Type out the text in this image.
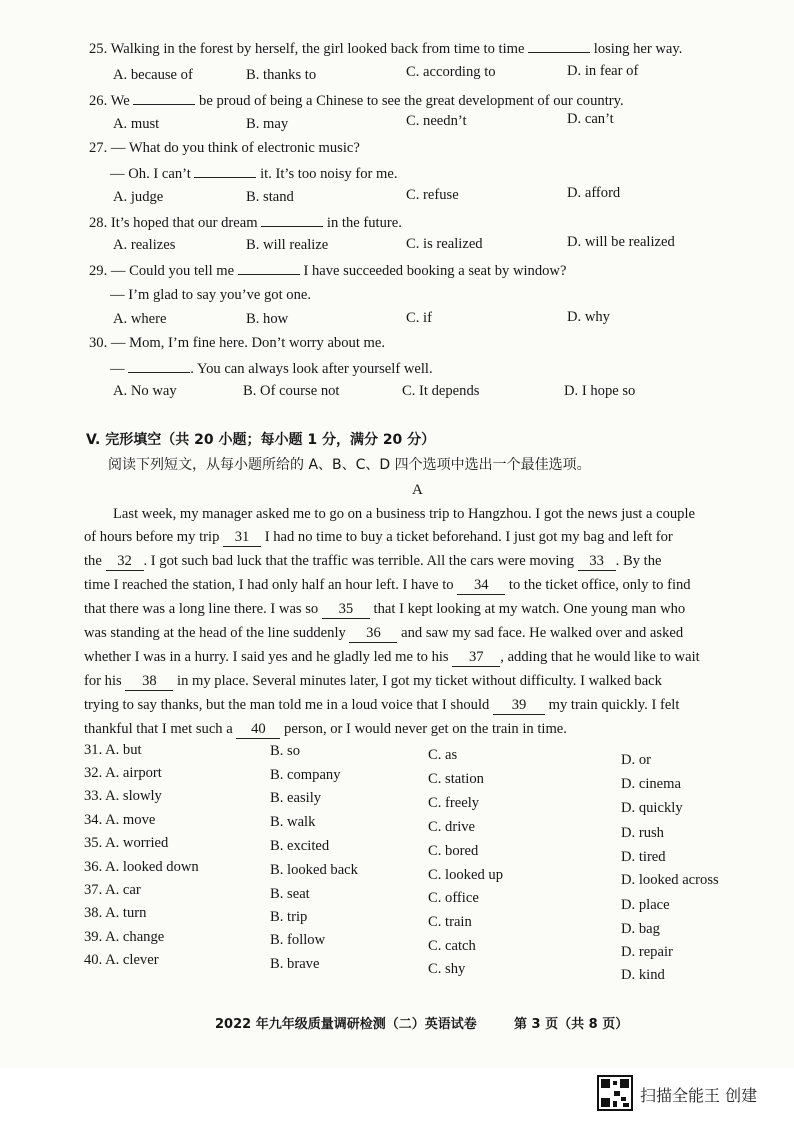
25. Walking in the forest by herself, the girl looked back from time to time	losing her way.
A. because of	B. thanks to	C. according to	D. in fear of
26. We	be proud of being a Chinese to see the great development of our country.
A. must	B. may	C. needn’t	D. can’t
27. — What do you think of electronic music?
— Oh. I can’t	it. It’s too noisy for me.
A. judge	B. stand	C. refuse	D. afford
28. It’s hoped that our dream	in the future.
A. realizes	B. will realize	C. is realized	D. will be realized
29. — Could you tell me	I have succeeded booking a seat by window?
— I’m glad to say you’ve got one.
A. where	B. how	C. if	D. why
30. — Mom, I’m fine here. Don’t worry about me.
—	. You can always look after yourself well.
A. No way	B. Of course not	C. It depends	D. I hope so
V. 完形填空（共 20 小题；每小题 1 分，满分 20 分）
阅读下列短文，从每小题所给的 A、B、C、D 四个选项中选出一个最佳选项。
A
Last week, my manager asked me to go on a business trip to Hangzhou. I got the news just a couple
of hours before my trip 31 I had no time to buy a ticket beforehand. I just got my bag and left for
the 32 . I got such bad luck that the traffic was terrible. All the cars were moving 33 . By the
time I reached the station, I had only half an hour left. I have to 34 to the ticket office, only to find
that there was a long line there. I was so 35 that I kept looking at my watch. One young man who
was standing at the head of the line suddenly 36 and saw my sad face. He walked over and asked
whether I was in a hurry. I said yes and he gladly led me to his 37 , adding that he would like to wait
for his 38 in my place. Several minutes later, I got my ticket without difficulty. I walked back
trying to say thanks, but the man told me in a loud voice that I should 39 my train quickly. I felt
thankful that I met such a 40 person, or I would never get on the train in time.
31. A. but	B. so	C. as	D. or
32. A. airport	B. company	C. station	D. cinema
33. A. slowly	B. easily	C. freely	D. quickly
34. A. move	B. walk	C. drive	D. rush
35. A. worried	B. excited	C. bored	D. tired
36. A. looked down	B. looked back	C. looked up	D. looked across
37. A. car	B. seat	C. office	D. place
38. A. turn	B. trip	C. train	D. bag
39. A. change	B. follow	C. catch	D. repair
40. A. clever	B. brave	C. shy	D. kind
2022 年九年级质量调研检测（二）英语试卷	第 3 页（共 8 页）
扫描全能王 创建
